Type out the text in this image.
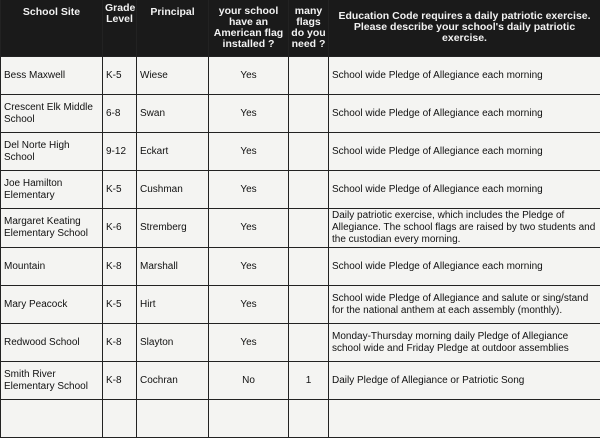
School Site	Grade Level	Principal	your school have an American flag installed ?	many flags do you need ?	Education Code requires a daily patriotic exercise. Please describe your school's daily patriotic exercise.
Bess Maxwell	K-5	Wiese	Yes		School wide Pledge of Allegiance each morning
Crescent Elk Middle School	6-8	Swan	Yes		School wide Pledge of Allegiance each morning
Del Norte High School	9-12	Eckart	Yes		School wide Pledge of Allegiance each morning
Joe Hamilton Elementary	K-5	Cushman	Yes		School wide Pledge of Allegiance each morning
Margaret Keating Elementary School	K-6	Stremberg	Yes		Daily patriotic exercise, which includes the Pledge of Allegiance. The school flags are raised by two students and the custodian every morning.
Mountain	K-8	Marshall	Yes		School wide Pledge of Allegiance each morning
Mary Peacock	K-5	Hirt	Yes		School wide Pledge of Allegiance and salute or sing/stand for the national anthem at each assembly (monthly).
Redwood School	K-8	Slayton	Yes		Monday-Thursday morning daily Pledge of Allegiance school wide and Friday Pledge at outdoor assemblies
Smith River Elementary School	K-8	Cochran	No	1	Daily Pledge of Allegiance or Patriotic Song
